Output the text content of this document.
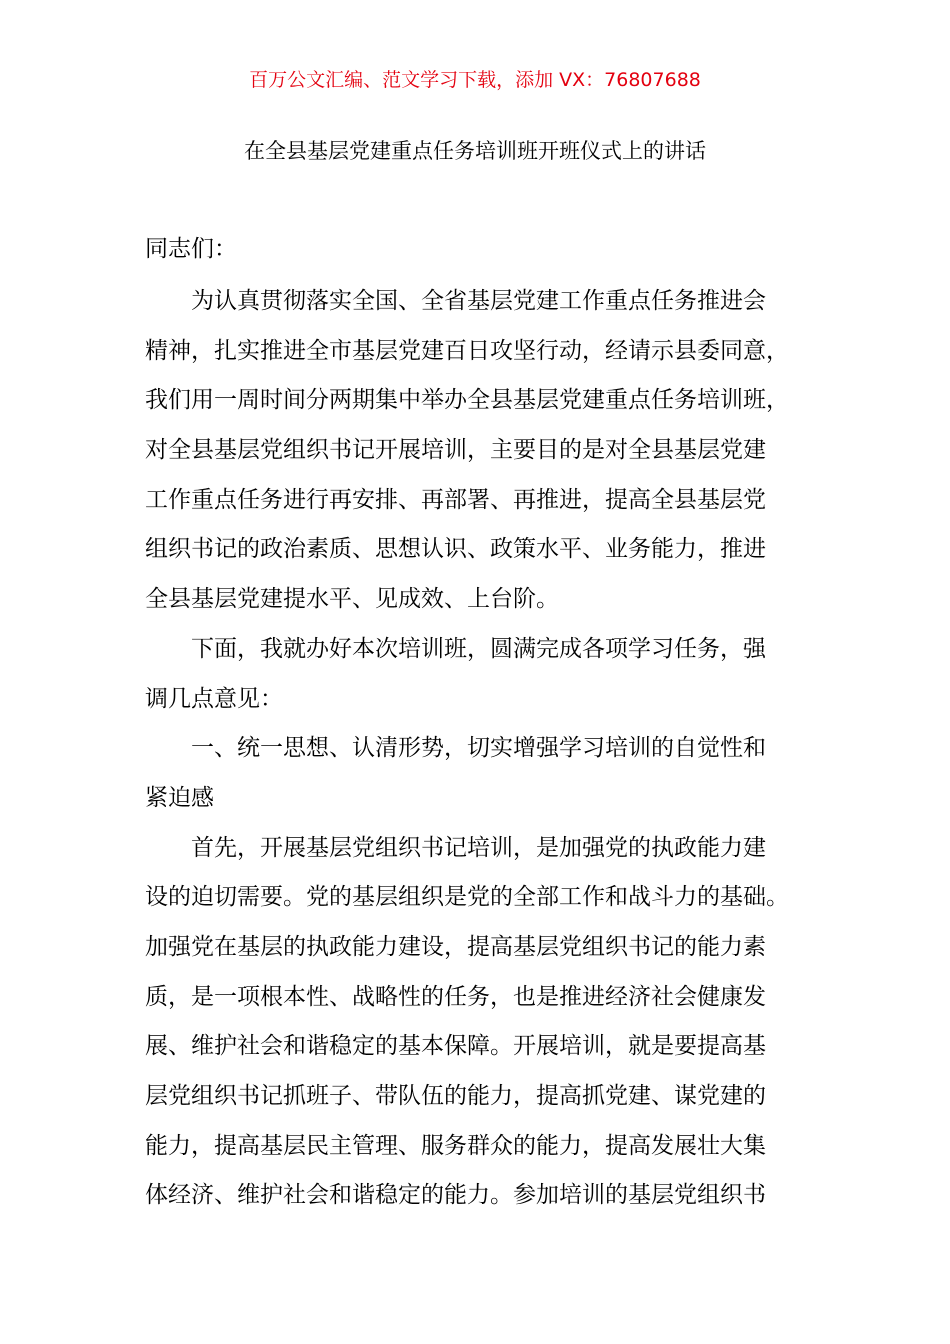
百万公文汇编、范文学习下载，添加 VX：76807688
在全县基层党建重点任务培训班开班仪式上的讲话
同志们：
为认真贯彻落实全国、全省基层党建工作重点任务推进会
精神，扎实推进全市基层党建百日攻坚行动，经请示县委同意，
我们用一周时间分两期集中举办全县基层党建重点任务培训班，
对全县基层党组织书记开展培训，主要目的是对全县基层党建
工作重点任务进行再安排、再部署、再推进，提高全县基层党
组织书记的政治素质、思想认识、政策水平、业务能力，推进
全县基层党建提水平、见成效、上台阶。
下面，我就办好本次培训班，圆满完成各项学习任务，强
调几点意见：
一、统一思想、认清形势，切实增强学习培训的自觉性和
紧迫感
首先，开展基层党组织书记培训，是加强党的执政能力建
设的迫切需要。党的基层组织是党的全部工作和战斗力的基础。
加强党在基层的执政能力建设，提高基层党组织书记的能力素
质，是一项根本性、战略性的任务，也是推进经济社会健康发
展、维护社会和谐稳定的基本保障。开展培训，就是要提高基
层党组织书记抓班子、带队伍的能力，提高抓党建、谋党建的
能力，提高基层民主管理、服务群众的能力，提高发展壮大集
体经济、维护社会和谐稳定的能力。参加培训的基层党组织书
